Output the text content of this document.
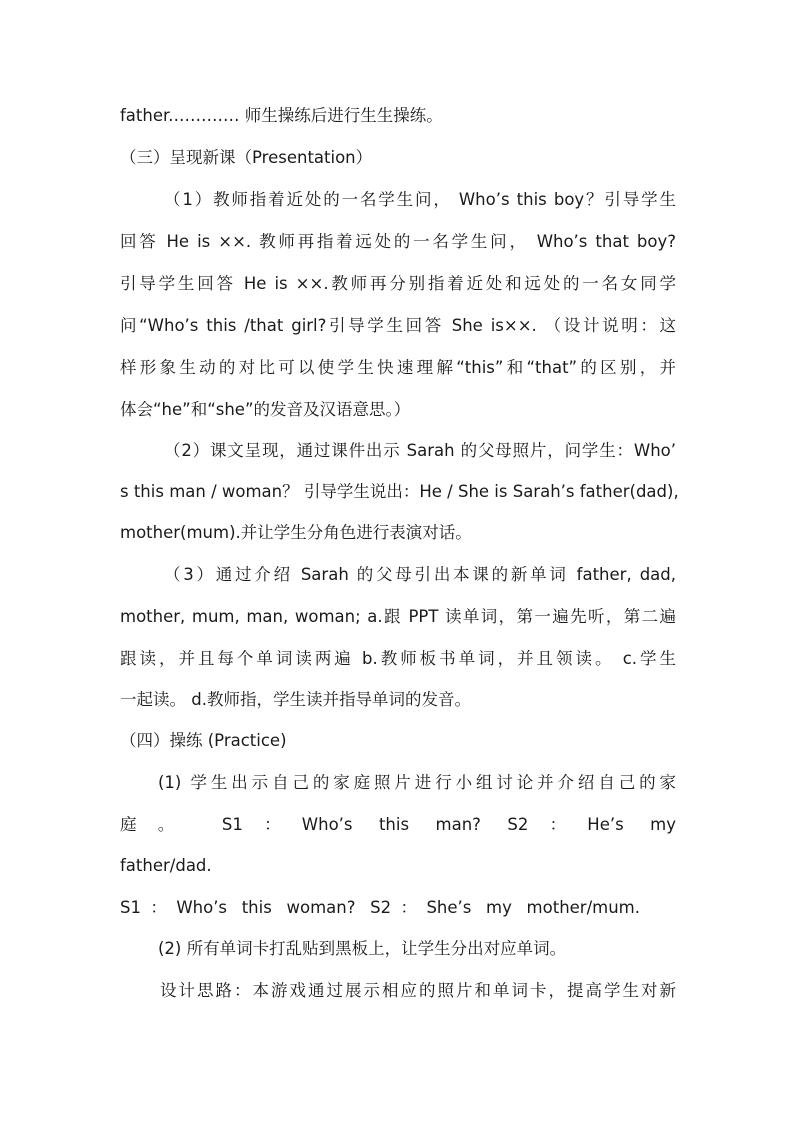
father.………… 师生操练后进行生生操练。
（三）呈现新课（Presentation）
（1）教师指着近处的一名学生问， Who’s this boy？引导学生
回答 He is ××. 教师再指着远处的一名学生问， Who’s that boy?
引导学生回答 He is ××.教师再分别指着近处和远处的一名女同学
问“Who’s this /that girl?引导学生回答 She is××. （设计说明：这
样形象生动的对比可以使学生快速理解“this”和“that”的区别，并
体会“he”和“she”的发音及汉语意思。）
（2）课文呈现，通过课件出示 Sarah 的父母照片，问学生：Who’
s this man / woman？ 引导学生说出：He / She is Sarah’s father(dad),
mother(mum).并让学生分角色进行表演对话。
（3）通过介绍 Sarah 的父母引出本课的新单词 father, dad,
mother, mum, man, woman; a.跟 PPT 读单词，第一遍先听，第二遍
跟读，并且每个单词读两遍 b.教师板书单词，并且领读。 c.学生
一起读。 d.教师指，学生读并指导单词的发音。
（四）操练 (Practice)
(1) 学生出示自己的家庭照片进行小组讨论并介绍自己的家
庭。 S1：Who’s this man? S2：He’s my
father/dad.
S1：Who’s this woman? S2：She’s my mother/mum.
(2) 所有单词卡打乱贴到黑板上，让学生分出对应单词。
设计思路：本游戏通过展示相应的照片和单词卡，提高学生对新
